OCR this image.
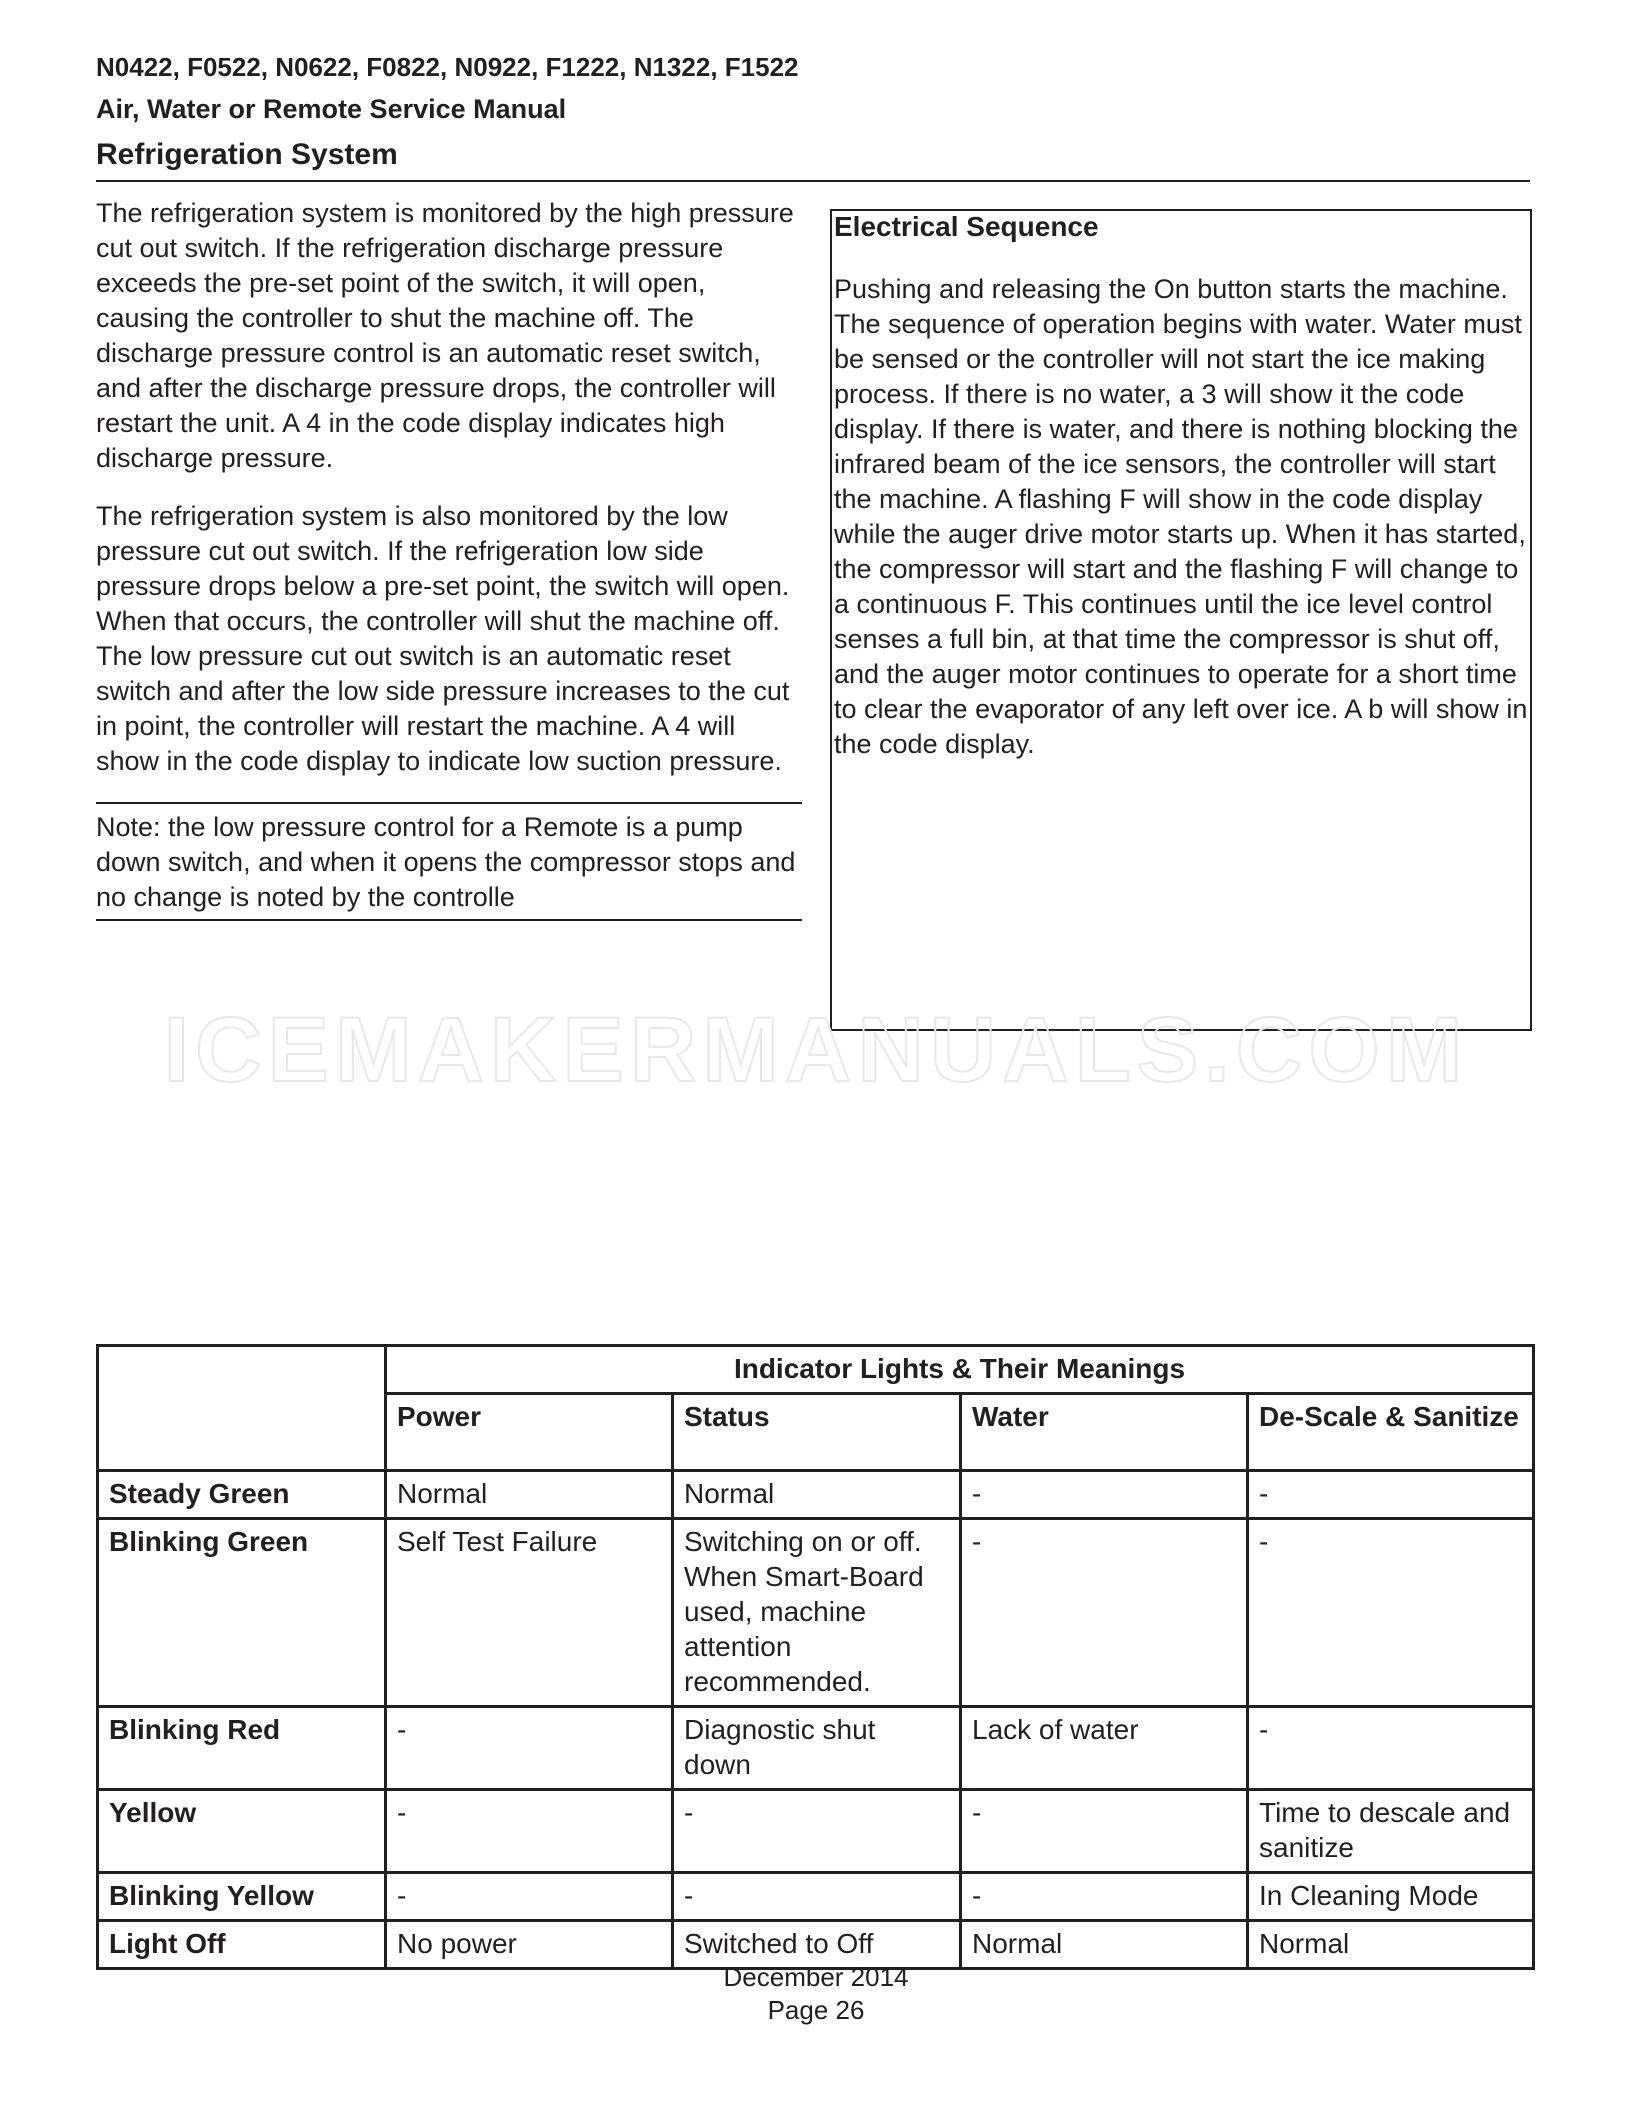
N0422, F0522, N0622, F0822, N0922, F1222, N1322, F1522
Air, Water or Remote Service Manual
Refrigeration System

The refrigeration system is monitored by the high pressure cut out switch. If the refrigeration discharge pressure exceeds the pre-set point of the switch, it will open, causing the controller to shut the machine off. The discharge pressure control is an automatic reset switch, and after the discharge pressure drops, the controller will restart the unit. A 4 in the code display indicates high discharge pressure.

The refrigeration system is also monitored by the low pressure cut out switch. If the refrigeration low side pressure drops below a pre-set point, the switch will open. When that occurs, the controller will shut the machine off. The low pressure cut out switch is an automatic reset switch and after the low side pressure increases to the cut in point, the controller will restart the machine. A 4 will show in the code display to indicate low suction pressure.

Note: the low pressure control for a Remote is a pump down switch, and when it opens the compressor stops and no change is noted by the controlle
Electrical Sequence
Pushing and releasing the On button starts the machine. The sequence of operation begins with water. Water must be sensed or the controller will not start the ice making process. If there is no water, a 3 will show it the code display. If there is water, and there is nothing blocking the infrared beam of the ice sensors, the controller will start the machine. A flashing F will show in the code display while the auger drive motor starts up. When it has started, the compressor will start and the flashing F will change to a continuous F. This continues until the ice level control senses a full bin, at that time the compressor is shut off, and the auger motor continues to operate for a short time to clear the evaporator of any left over ice. A b will show in the code display.
ICEMAKERMANUALS.COM
	Indicator Lights & Their Meanings			
	Power	Status	Water	De-Scale & Sanitize
Steady Green	Normal	Normal	-	-
Blinking Green	Self Test Failure	Switching on or off. When Smart-Board used, machine attention recommended.	-	-
Blinking Red	-	Diagnostic shut down	Lack of water	-
Yellow	-	-	-	Time to descale and sanitize
Blinking Yellow	-	-	-	In Cleaning Mode
Light Off	No power	Switched to Off	Normal	Normal
December 2014
Page 26
